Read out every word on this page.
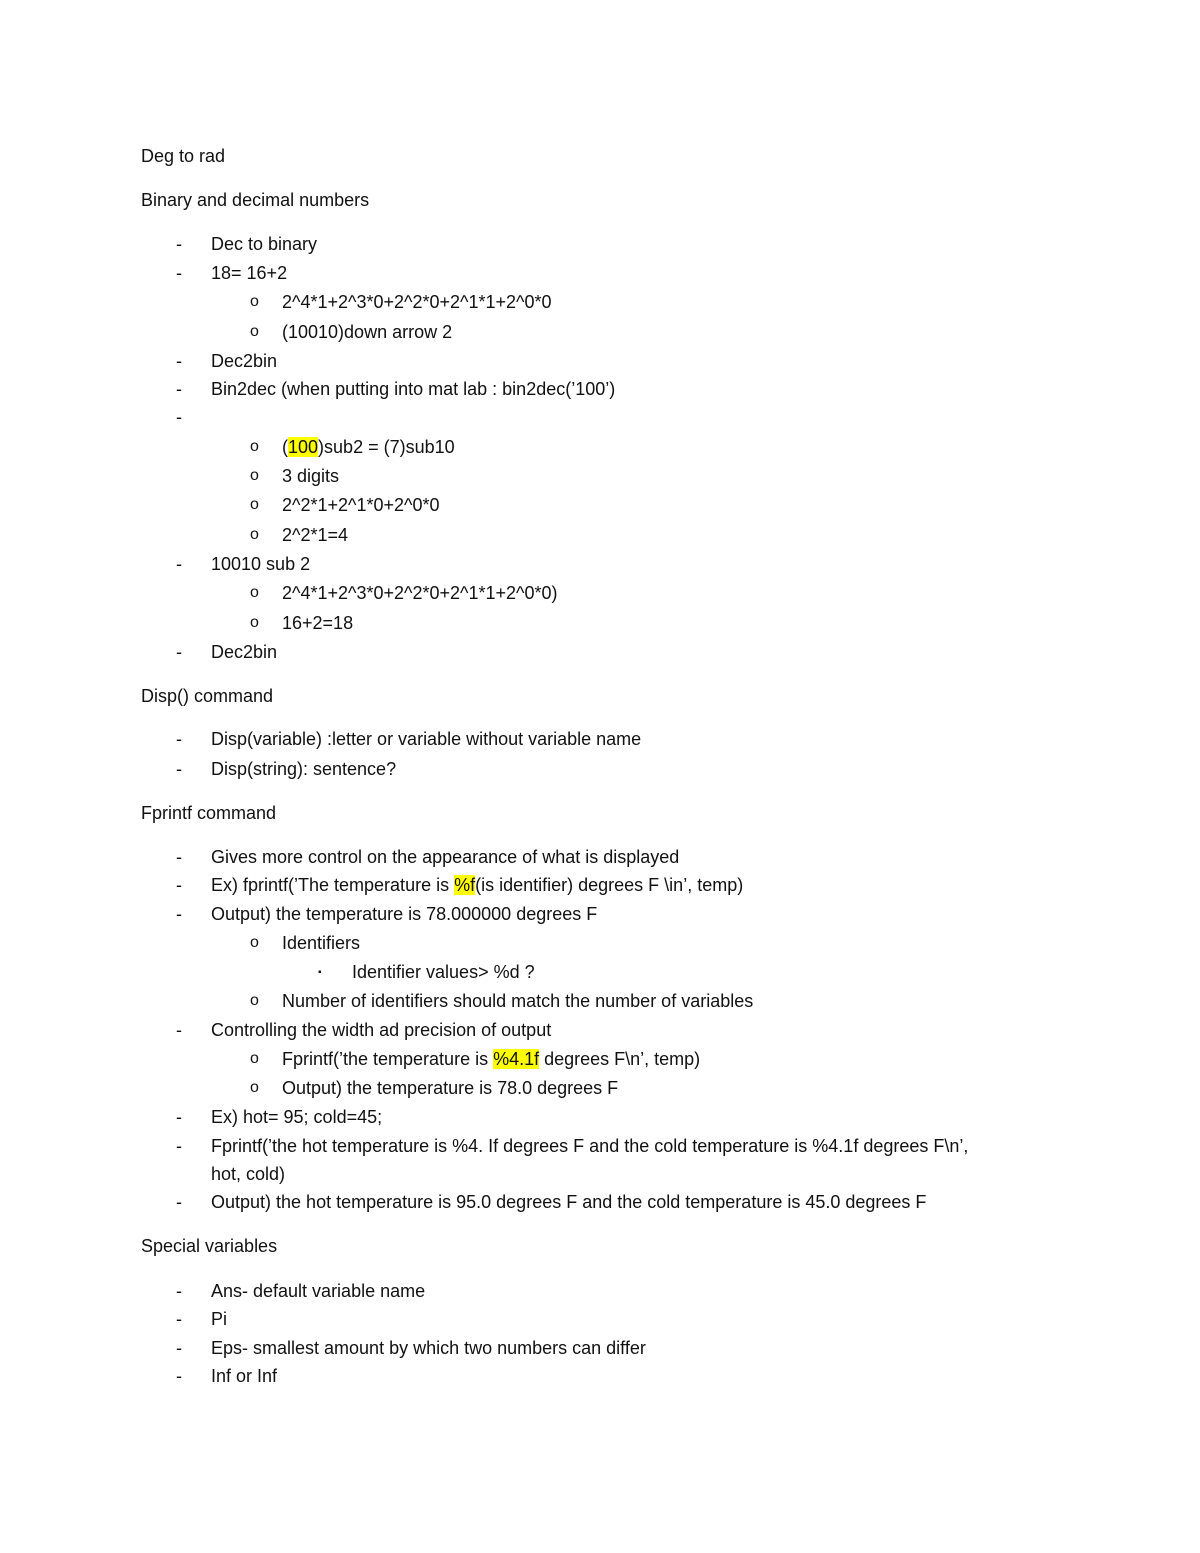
Deg to rad
Binary and decimal numbers
- Dec to binary
- 18= 16+2
o 2^4*1+2^3*0+2^2*0+2^1*1+2^0*0
o (10010)down arrow 2
- Dec2bin
- Bin2dec (when putting into mat lab : bin2dec(’100’)
-
o (100)sub2 = (7)sub10
o 3 digits
o 2^2*1+2^1*0+2^0*0
o 2^2*1=4
- 10010 sub 2
o 2^4*1+2^3*0+2^2*0+2^1*1+2^0*0)
o 16+2=18
- Dec2bin
Disp() command
- Disp(variable) :letter or variable without variable name
- Disp(string): sentence?
Fprintf command
- Gives more control on the appearance of what is displayed
- Ex) fprintf(’The temperature is %f(is identifier) degrees F \in’, temp)
- Output) the temperature is 78.000000 degrees F
o Identifiers
▪ Identifier values> %d ?
o Number of identifiers should match the number of variables
- Controlling the width ad precision of output
o Fprintf(’the temperature is %4.1f degrees F\n’, temp)
o Output) the temperature is 78.0 degrees F
- Ex) hot= 95; cold=45;
- Fprintf(’the hot temperature is %4. If degrees F and the cold temperature is %4.1f degrees F\n’,
hot, cold)
- Output) the hot temperature is 95.0 degrees F and the cold temperature is 45.0 degrees F
Special variables
- Ans- default variable name
- Pi
- Eps- smallest amount by which two numbers can differ
- Inf or Inf
